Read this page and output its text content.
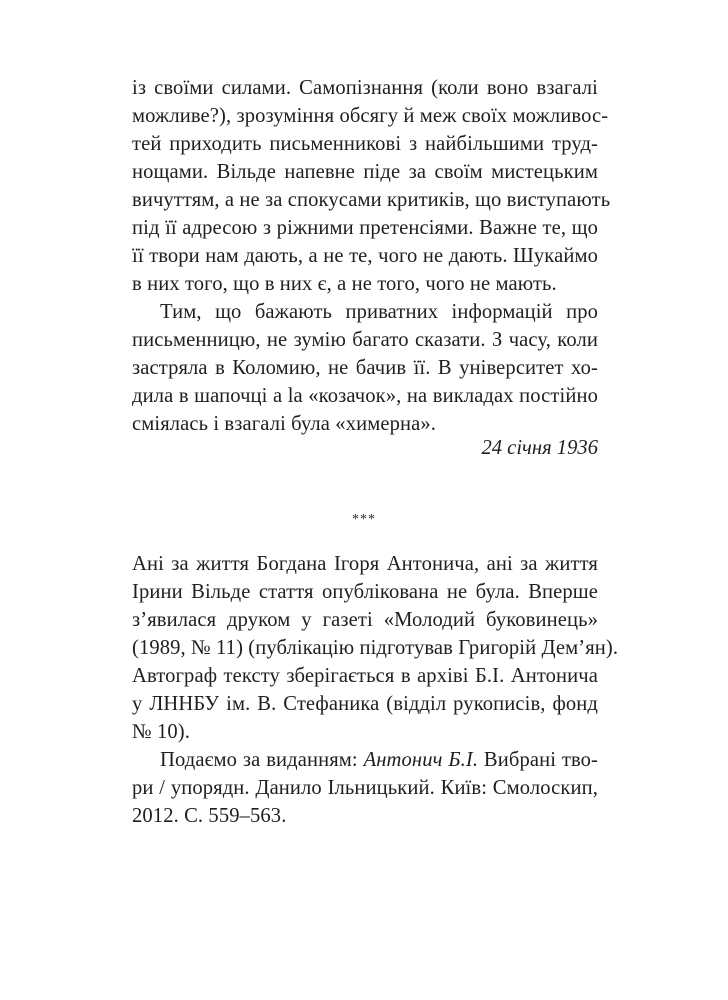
із своїми силами. Самопізнання (коли воно взагалі
можливе?), зрозуміння обсягу й меж своїх можливос-
тей приходить письменникові з найбільшими труд-
нощами. Вільде напевне піде за своїм мистецьким
вичуттям, а не за спокусами критиків, що виступають
під її адресою з ріжними претенсіями. Важне те, що
її твори нам дають, а не те, чого не дають. Шукаймо
в них того, що в них є, а не того, чого не мають.
Тим, що бажають приватних інформацій про
письменницю, не зумію багато сказати. З часу, коли
застряла в Коломию, не бачив її. В університет хо-
дила в шапочці a la «козачок», на викладах постійно
сміялась і взагалі була «химерна».
24 січня 1936
***
Ані за життя Богдана Ігоря Антонича, ані за життя
Ірини Вільде стаття опублікована не була. Вперше
з’явилася друком у газеті «Молодий буковинець»
(1989, № 11) (публікацію підготував Григорій Дем’ян).
Автограф тексту зберігається в архіві Б.І. Антонича
у ЛННБУ ім. В. Стефаника (відділ рукописів, фонд
№ 10).
Подаємо за виданням: Антонич Б.І. Вибрані тво-
ри / упорядн. Данило Ільницький. Київ: Смолоскип,
2012. С. 559–563.
